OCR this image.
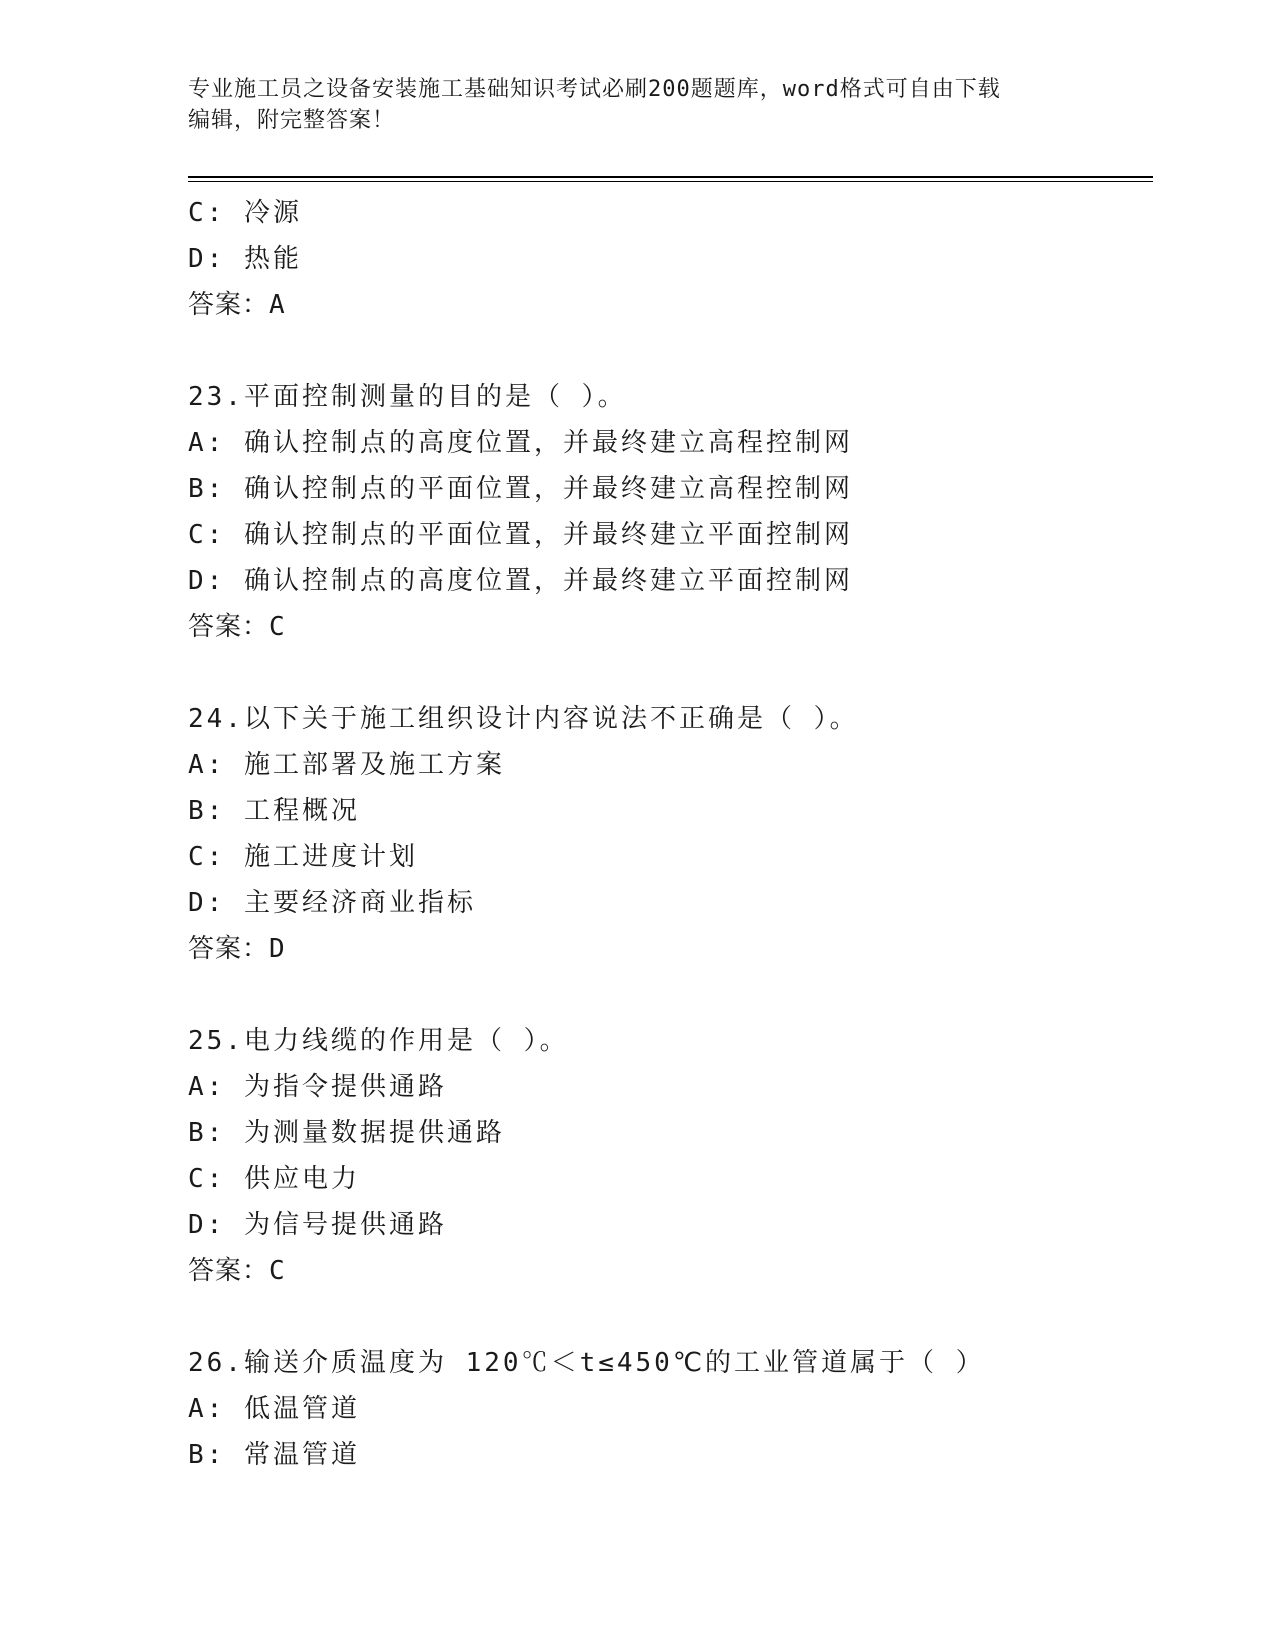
专业施工员之设备安装施工基础知识考试必刷200题题库，word格式可自由下载
编辑，附完整答案！
C: 冷源
D: 热能
答案：A
23.平面控制测量的目的是（ ）。
A: 确认控制点的高度位置，并最终建立高程控制网
B: 确认控制点的平面位置，并最终建立高程控制网
C: 确认控制点的平面位置，并最终建立平面控制网
D: 确认控制点的高度位置，并最终建立平面控制网
答案：C
24.以下关于施工组织设计内容说法不正确是（ ）。
A: 施工部署及施工方案
B: 工程概况
C: 施工进度计划
D: 主要经济商业指标
答案：D
25.电力线缆的作用是（ ）。
A: 为指令提供通路
B: 为测量数据提供通路
C: 供应电力
D: 为信号提供通路
答案：C
26.输送介质温度为 120℃＜t≤450℃的工业管道属于（ ）
A: 低温管道
B: 常温管道
